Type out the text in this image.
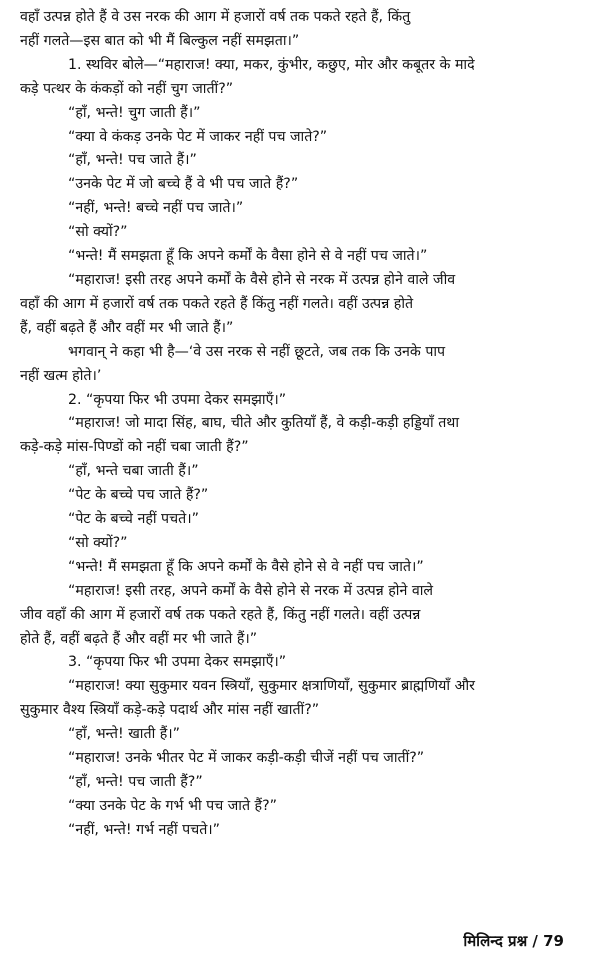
वहाँ उत्पन्न होते हैं वे उस नरक की आग में हजारों वर्ष तक पकते रहते हैं, किंतु
नहीं गलते—इस बात को भी मैं बिल्कुल नहीं समझता।”
1. स्थविर बोले—“महाराज! क्या, मकर, कुंभीर, कछुए, मोर और कबूतर के मादे
कड़े पत्थर के कंकड़ों को नहीं चुग जातीं?”
“हाँ, भन्ते! चुग जाती हैं।”
“क्या वे कंकड़ उनके पेट में जाकर नहीं पच जाते?”
“हाँ, भन्ते! पच जाते हैं।”
“उनके पेट में जो बच्चे हैं वे भी पच जाते हैं?”
“नहीं, भन्ते! बच्चे नहीं पच जाते।”
“सो क्यों?”
“भन्ते! मैं समझता हूँ कि अपने कर्मों के वैसा होने से वे नहीं पच जाते।”
“महाराज! इसी तरह अपने कर्मों के वैसे होने से नरक में उत्पन्न होने वाले जीव
वहाँ की आग में हजारों वर्ष तक पकते रहते हैं किंतु नहीं गलते। वहीं उत्पन्न होते
हैं, वहीं बढ़ते हैं और वहीं मर भी जाते हैं।”
भगवान् ने कहा भी है—‘वे उस नरक से नहीं छूटते, जब तक कि उनके पाप
नहीं खत्म होते।’
2. “कृपया फिर भी उपमा देकर समझाएँ।”
“महाराज! जो मादा सिंह, बाघ, चीते और कुतियाँ हैं, वे कड़ी-कड़ी हड्डियाँ तथा
कड़े-कड़े मांस-पिण्डों को नहीं चबा जाती हैं?”
“हाँ, भन्ते चबा जाती हैं।”
“पेट के बच्चे पच जाते हैं?”
“पेट के बच्चे नहीं पचते।”
“सो क्यों?”
“भन्ते! मैं समझता हूँ कि अपने कर्मों के वैसे होने से वे नहीं पच जाते।”
“महाराज! इसी तरह, अपने कर्मों के वैसे होने से नरक में उत्पन्न होने वाले
जीव वहाँ की आग में हजारों वर्ष तक पकते रहते हैं, किंतु नहीं गलते। वहीं उत्पन्न
होते हैं, वहीं बढ़ते हैं और वहीं मर भी जाते हैं।”
3. “कृपया फिर भी उपमा देकर समझाएँ।”
“महाराज! क्या सुकुमार यवन स्त्रियाँ, सुकुमार क्षत्राणियाँ, सुकुमार ब्राह्मणियाँ और
सुकुमार वैश्य स्त्रियाँ कड़े-कड़े पदार्थ और मांस नहीं खातीं?”
“हाँ, भन्ते! खाती हैं।”
“महाराज! उनके भीतर पेट में जाकर कड़ी-कड़ी चीजें नहीं पच जातीं?”
“हाँ, भन्ते! पच जाती हैं?”
“क्या उनके पेट के गर्भ भी पच जाते हैं?”
“नहीं, भन्ते! गर्भ नहीं पचते।”
मिलिन्द प्रश्न / 79
